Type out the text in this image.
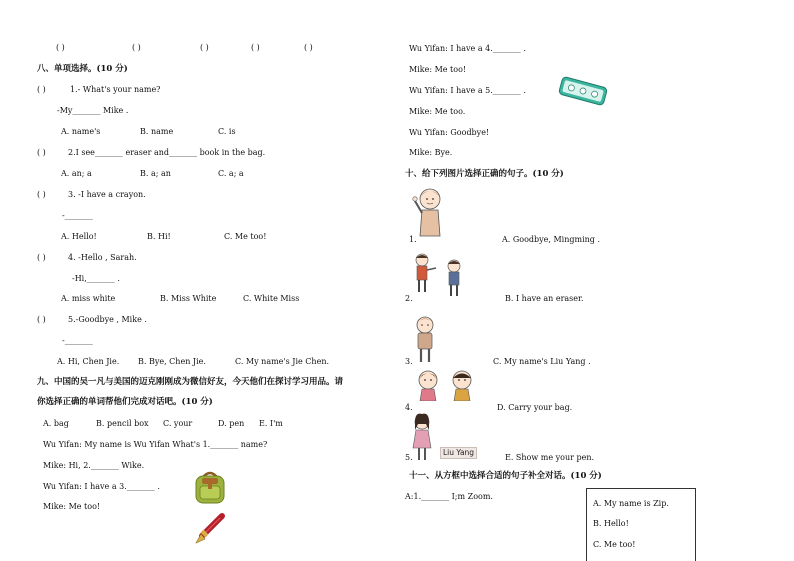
( )	( )	( )	( )	( )
八、单项选择。(10 分)
( )	1.- What's your name?
-My_______ Mike .
A. name's	B. name	C. is
( )	2.I see_______ eraser and_______ book in the bag.
A. an; a	B. a; an	C. a; a
( )	3. -I have a crayon.
-_______
A. Hello!	B. Hi!	C. Me too!
( )	4. -Hello , Sarah.
-Hi,_______ .
A. miss white	B. Miss White	C. White Miss
( )	5.-Goodbye , Mike .
-_______
A. Hi, Chen Jie. B. Bye, Chen Jie.	C. My name's Jie Chen.
九、中国的吴一凡与美国的迈克刚刚成为微信好友，今天他们在探讨学习用品。请
你选择正确的单词帮他们完成对话吧。(10 分)
A. bag	B. pencil box C. your	D. pen E. I'm
Wu Yifan: My name is Wu Yifan What's 1._______ name?
Mike: Hi, 2._______ Wike.
Wu Yifan: I have a 3._______ .
Mike: Me too!
Wu Yifan: I have a 4._______ .
Mike: Me too!
Wu Yifan: I have a 5._______ .
Mike: Me too.
Wu Yifan: Goodbye!
Mike: Bye.
十、给下列图片选择正确的句子。(10 分)
1.	A. Goodbye, Mingming .
2.	B. I have an eraser.
3.	C. My name's Liu Yang .
4.	D. Carry your bag.
Liu Yang
5.	E. Show me your pen.
十一、从方框中选择合适的句子补全对话。(10 分)
A:1._______ I;m Zoom.
A. My name is Zip.
B. Hello!
C. Me too!
